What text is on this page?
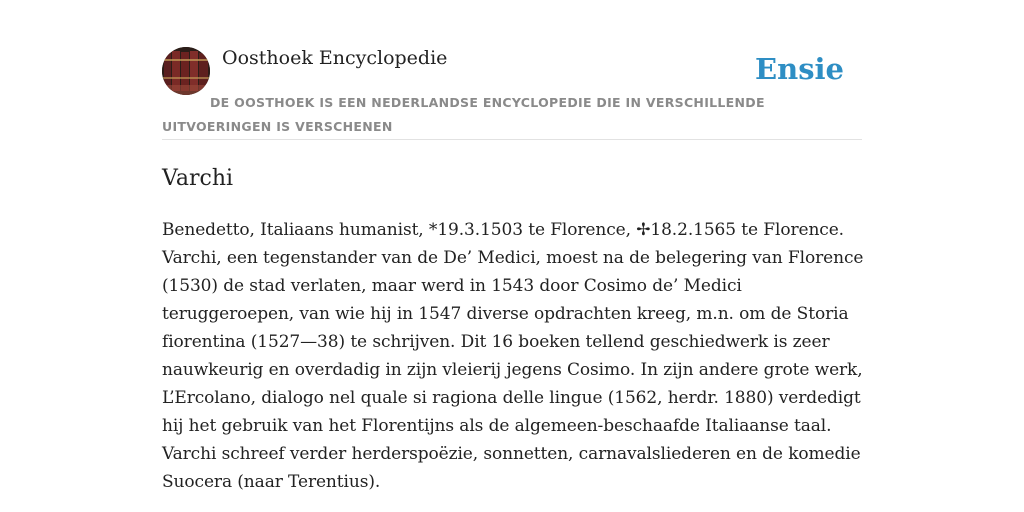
Oosthoek Encyclopedie	Ensie
DE OOSTHOEK IS EEN NEDERLANDSE ENCYCLOPEDIE DIE IN VERSCHILLENDE UITVOERINGEN IS VERSCHENEN
Varchi

Benedetto, Italiaans humanist, *19.3.1503 te Florence, ✢18.2.1565 te Florence. Varchi, een tegenstander van de De’ Medici, moest na de belegering van Florence (1530) de stad verlaten, maar werd in 1543 door Cosimo de’ Medici teruggeroepen, van wie hij in 1547 diverse opdrachten kreeg, m.n. om de Storia fiorentina (1527—38) te schrijven. Dit 16 boeken tellend geschiedwerk is zeer nauwkeurig en overdadig in zijn vleierij jegens Cosimo. In zijn andere grote werk, L’Ercolano, dialogo nel quale si ragiona delle lingue (1562, herdr. 1880) verdedigt hij het gebruik van het Florentijns als de algemeen-beschaafde Italiaanse taal. Varchi schreef verder herderspoëzie, sonnetten, carnavalsliederen en de komedie Suocera (naar Terentius).
